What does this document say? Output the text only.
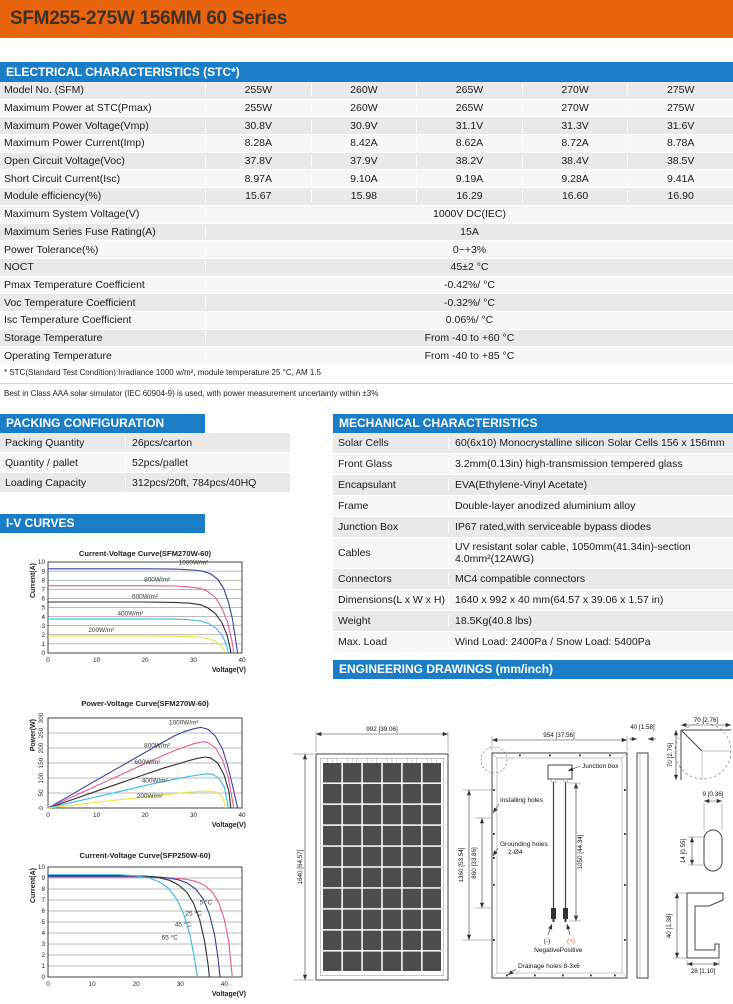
SFM255-275W 156MM 60 Series
ELECTRICAL CHARACTERISTICS (STC*)
Model No. (SFM)	255W	260W	265W	270W	275W
Maximum Power at STC(Pmax)	255W	260W	265W	270W	275W
Maximum Power Voltage(Vmp)	30.8V	30.9V	31.1V	31.3V	31.6V
Maximum Power Current(Imp)	8.28A	8.42A	8.62A	8.72A	8.78A
Open Circuit Voltage(Voc)	37.8V	37.9V	38.2V	38.4V	38.5V
Short Circuit Current(Isc)	8.97A	9.10A	9.19A	9.28A	9.41A
Module efficiency(%)	15.67	15.98	16.29	16.60	16.90
Maximum System Voltage(V)	1000V DC(IEC)
Maximum Series Fuse Rating(A)	15A
Power Tolerance(%)	0~+3%
NOCT	45±2 °C
Pmax Temperature Coefficient	-0.42%/ °C
Voc Temperature Coefficient	-0.32%/ °C
Isc Temperature Coefficient	0.06%/ °C
Storage Temperature	From -40 to +60 °C
Operating Temperature	From -40 to +85 °C
* STC(Standard Test Condition):Irradiance 1000 w/m², module temperature 25 °C, AM 1.5
Best in Class AAA solar simulator (IEC 60904-9) is used, with power measurement uncertainty within ±3%
PACKING CONFIGURATION
Packing Quantity	26pcs/carton
Quantity / pallet	52pcs/pallet
Loading Capacity	312pcs/20ft, 784pcs/40HQ
MECHANICAL CHARACTERISTICS
Solar Cells	60(6x10) Monocrystalline silicon Solar Cells 156 x 156mm
Front Glass	3.2mm(0.13in) high-transmission tempered glass
Encapsulant	EVA(Ethylene-Vinyl Acetate)
Frame	Double-layer anodized aluminium alloy
Junction Box	IP67 rated,with serviceable bypass diodes
Cables	UV resistant solar cable, 1050mm(41.34in)-section 4.0mm²(12AWG)
Connectors	MC4 compatible connectors
Dimensions(L x W x H) 1640 x 992 x 40 mm(64.57 x 39.06 x 1.57 in)
Weight	18.5Kg(40.8 lbs)
Max. Load	Wind Load: 2400Pa / Snow Load: 5400Pa
I-V CURVES
Current-Voltage Curve(SFM270W-60)
0
1
2
3
4
5
6
7
8
9
10
0	10	20	30	40
Current(A)
Voltage(V)
1000W/m²
800W/m²
600W/m²
400W/m²
200W/m²
Power-Voltage Curve(SFM270W-60)
0
50
100
150
200
250
300
0	10	20	30	40
Power(W)
Voltage(V)
1000W/m²
800W/m²
600W/m²
400W/m²
200W/m²
Current-Voltage Curve(SFP250W-60)
0
1
2
3
4
5
6
7
8
9
10
0	10	20	30	40
Current(A)
Voltage(V)
5 °C
25 °C
45 °C
65 °C
ENGINEERING DRAWINGS (mm/inch)
992 [39.06]
1640 [64.57]
954 [37.56]
1360 [53.54] 860 [33.86]	1050 [44.34]
Junction box
Installing holes
Grounding holes
2-Ø4
(-)
Negative
(+)
Positive
Drainage holes 8-3x6
40 [1.58]
70 [2.76]
70 [2.76]
9 [0.36]
14 [0.55]
40 [1.38]
28 [1.10]
